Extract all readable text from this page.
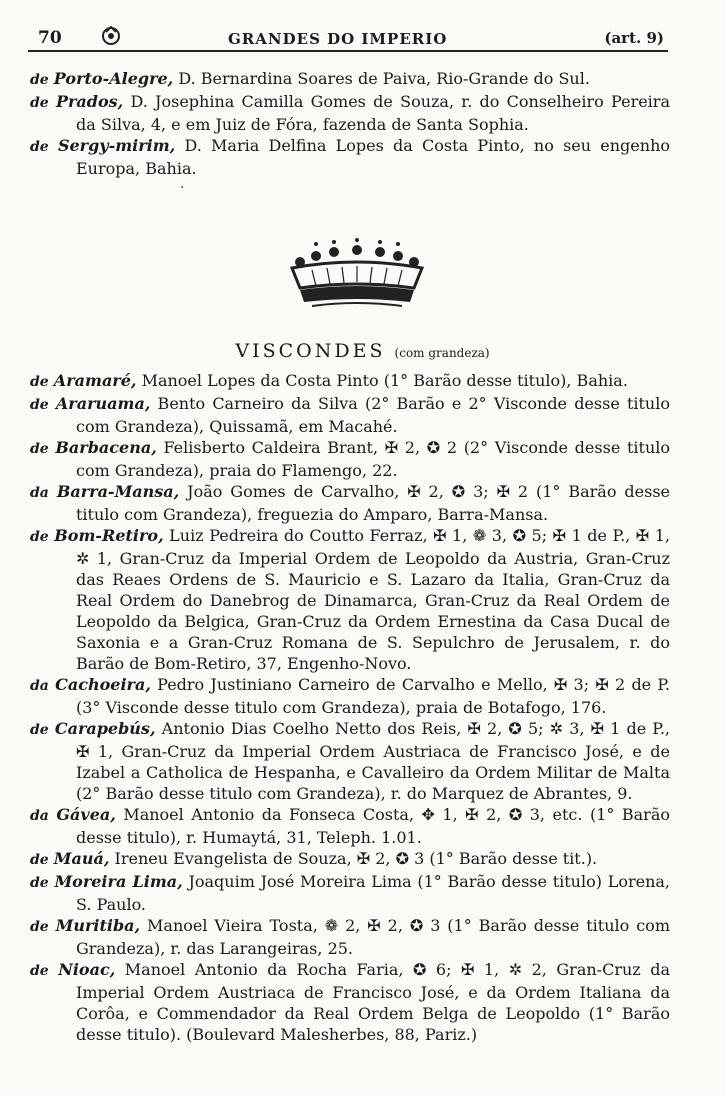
70	GRANDES DO IMPERIO	(art. 9)

de Porto-Alegre, D. Bernardina Soares de Paiva, Rio-Grande do Sul.

de Prados, D. Josephina Camilla Gomes de Souza, r. do Conselheiro Pereira da Silva, 4, e em Juiz de Fóra, fazenda de Santa Sophia.

de Sergy-mirim, D. Maria Delfina Lopes da Costa Pinto, no seu engenho Europa, Bahia.

·
VISCONDES (com grandeza)

de Aramaré, Manoel Lopes da Costa Pinto (1° Barão desse titulo), Bahia.

de Araruama, Bento Carneiro da Silva (2° Barão e 2° Visconde desse titulo com Grandeza), Quissamã, em Macahé.

de Barbacena, Felisberto Caldeira Brant, ✠ 2, ✪ 2 (2° Visconde desse titulo com Grandeza), praia do Flamengo, 22.

da Barra-Mansa, João Gomes de Carvalho, ✠ 2, ✪ 3; ✠ 2 (1° Barão desse titulo com Grandeza), freguezia do Amparo, Barra-Mansa.

de Bom-Retiro, Luiz Pedreira do Coutto Ferraz, ✠ 1, ❁ 3, ✪ 5; ✠ 1 de P., ✠ 1, ✲ 1, Gran-Cruz da Imperial Ordem de Leopoldo da Austria, Gran-Cruz das Reaes Ordens de S. Mauricio e S. Lazaro da Italia, Gran-Cruz da Real Ordem do Danebrog de Dinamarca, Gran-Cruz da Real Ordem de Leopoldo da Belgica, Gran-Cruz da Ordem Ernestina da Casa Ducal de Saxonia e a Gran-Cruz Romana de S. Sepulchro de Jerusalem, r. do Barão de Bom-Retiro, 37, Engenho-Novo.

da Cachoeira, Pedro Justiniano Carneiro de Carvalho e Mello, ✠ 3; ✠ 2 de P. (3° Visconde desse titulo com Grandeza), praia de Botafogo, 176.

de Carapebús, Antonio Dias Coelho Netto dos Reis, ✠ 2, ✪ 5; ✲ 3, ✠ 1 de P., ✠ 1, Gran-Cruz da Imperial Ordem Austriaca de Francisco José, e de Izabel a Catholica de Hespanha, e Cavalleiro da Ordem Militar de Malta (2° Barão desse titulo com Grandeza), r. do Marquez de Abrantes, 9.

da Gávea, Manoel Antonio da Fonseca Costa, ✥ 1, ✠ 2, ✪ 3, etc. (1° Barão desse titulo), r. Humaytá, 31, Teleph. 1.01.

de Mauá, Ireneu Evangelista de Souza, ✠ 2, ✪ 3 (1° Barão desse tit.).

de Moreira Lima, Joaquim José Moreira Lima (1° Barão desse titulo) Lorena, S. Paulo.

de Muritiba, Manoel Vieira Tosta, ❁ 2, ✠ 2, ✪ 3 (1° Barão desse titulo com Grandeza), r. das Larangeiras, 25.

de Nioac, Manoel Antonio da Rocha Faria, ✪ 6; ✠ 1, ✲ 2, Gran-Cruz da Imperial Ordem Austriaca de Francisco José, e da Ordem Italiana da Corôa, e Commendador da Real Ordem Belga de Leopoldo (1° Barão desse titulo). (Boulevard Malesherbes, 88, Pariz.)
